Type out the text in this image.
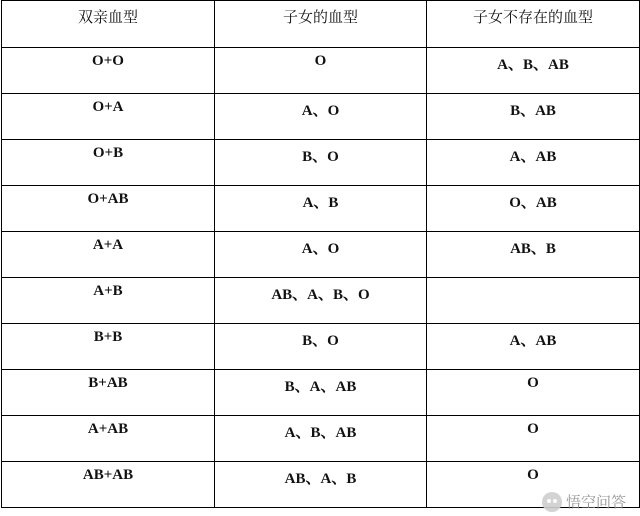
双亲血型	子女的血型	子女不存在的血型
O+O	O	A、B、AB
O+A	A、O	B、AB
O+B	B、O	A、AB
O+AB	A、B	O、AB
A+A	A、O	AB、B
A+B	AB、A、B、O	
B+B	B、O	A、AB
B+AB	B、A、AB	O
A+AB	A、B、AB	O
AB+AB	AB、A、B	O
悟空问答
